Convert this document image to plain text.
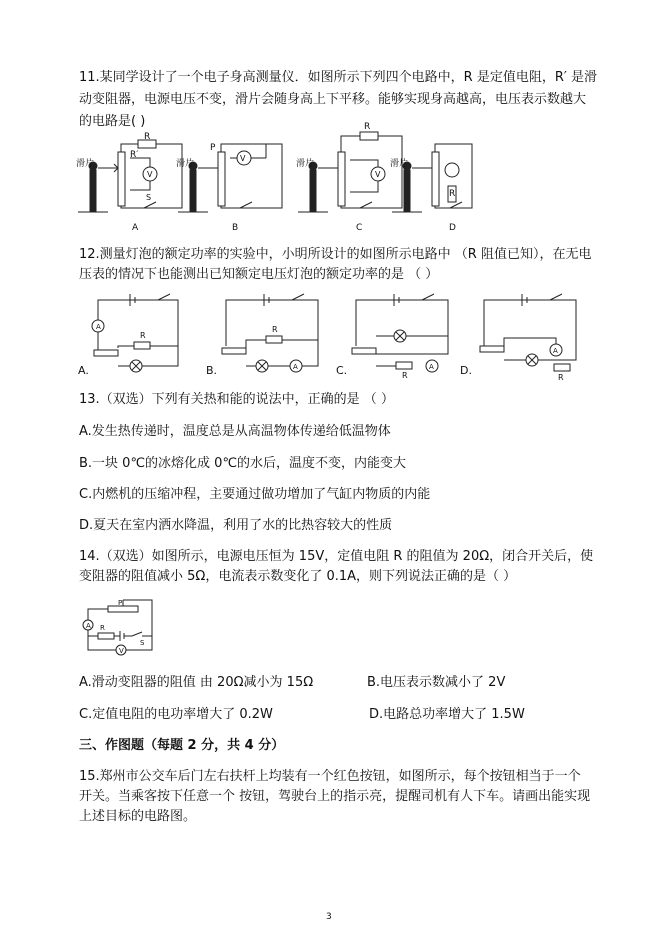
11.某同学设计了一个电子身高测量仪．如图所示下列四个电路中，R 是定值电阻，R′ 是滑
动变阻器，电源电压不变，滑片会随身高上下平移。能够实现身高越高，电压表示数越大
的电路是( )
滑片
R
R′
V
S
A
滑片
P
V
B
滑片
R
V
C
滑片
R
D
12.测量灯泡的额定功率的实验中，小明所设计的如图所示电路中 （R 阻值已知），在无电
压表的情况下也能测出已知额定电压灯泡的额定功率的是 （ ）
A
R
A.	A
R
B.	A
R
C.
A
R
D.
13.（双选）下列有关热和能的说法中，正确的是 （ ）
A.发生热传递时，温度总是从高温物体传递给低温物体
B.一块 0℃的冰熔化成 0℃的水后，温度不变，内能变大
C.内燃机的压缩冲程，主要通过做功增加了气缸内物质的内能
D.夏天在室内洒水降温，利用了水的比热容较大的性质
14.（双选）如图所示，电源电压恒为 15V，定值电阻 R 的阻值为 20Ω，闭合开关后，使
变阻器的阻值减小 5Ω，电流表示数变化了 0.1A，则下列说法正确的是（ ）
P
A R
S
V
A.滑动变阻器的阻值 由 20Ω减小为 15Ω	B.电压表示数减小了 2V
C.定值电阻的电功率增大了 0.2W	D.电路总功率增大了 1.5W
三、作图题（每题 2 分，共 4 分）
15.郑州市公交车后门左右扶杆上均装有一个红色按钮，如图所示，每个按钮相当于一个
开关。当乘客按下任意一个 按钮，驾驶台上的指示亮，提醒司机有人下车。请画出能实现
上述目标的电路图。
3
